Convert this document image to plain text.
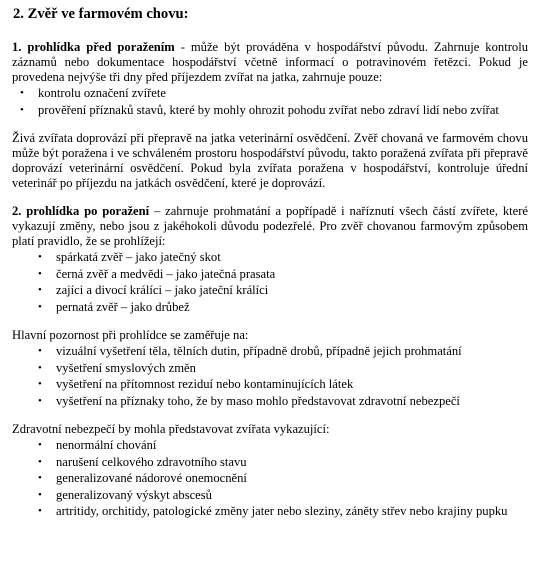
2. Zvěř ve farmovém chovu:

1. prohlídka před poražením - může být prováděna v hospodářství původu. Zahrnuje kontrolu záznamů nebo dokumentace hospodářství včetně informací o potravinovém řetězci. Pokud je provedena nejvýše tři dny před příjezdem zvířat na jatka, zahrnuje pouze:

• kontrolu označení zvířete
• prověření příznaků stavů, které by mohly ohrozit pohodu zvířat nebo zdraví lidí nebo zvířat

Živá zvířata doprovází při přepravě na jatka veterinární osvědčení. Zvěř chovaná ve farmovém chovu může být poražena i ve schváleném prostoru hospodářství původu, takto poražená zvířata při přepravě doprovází veterinární osvědčení. Pokud byla zvířata poražena v hospodářství, kontroluje úřední veterinář po příjezdu na jatkách osvědčení, které je doprovází.

2. prohlídka po poražení – zahrnuje prohmatání a popřípadě i naříznutí všech částí zvířete, které vykazují změny, nebo jsou z jakéhokoli důvodu podezřelé. Pro zvěř chovanou farmovým způsobem platí pravidlo, že se prohlížejí:

• spárkatá zvěř – jako jatečný skot
• černá zvěř a medvědi – jako jatečná prasata
• zajíci a divocí králíci – jako jateční králíci
• pernatá zvěř – jako drůbež

Hlavní pozornost při prohlídce se zaměřuje na:

• vizuální vyšetření těla, tělních dutin, případně drobů, případně jejich prohmatání
• vyšetření smyslových změn
• vyšetření na přítomnost reziduí nebo kontaminujících látek
• vyšetření na příznaky toho, že by maso mohlo představovat zdravotní nebezpečí

Zdravotní nebezpečí by mohla představovat zvířata vykazující:

• nenormální chování
• narušení celkového zdravotního stavu
• generalizované nádorové onemocnění
• generalizovaný výskyt abscesů
• artritidy, orchitidy, patologické změny jater nebo sleziny, záněty střev nebo krajiny pupku
